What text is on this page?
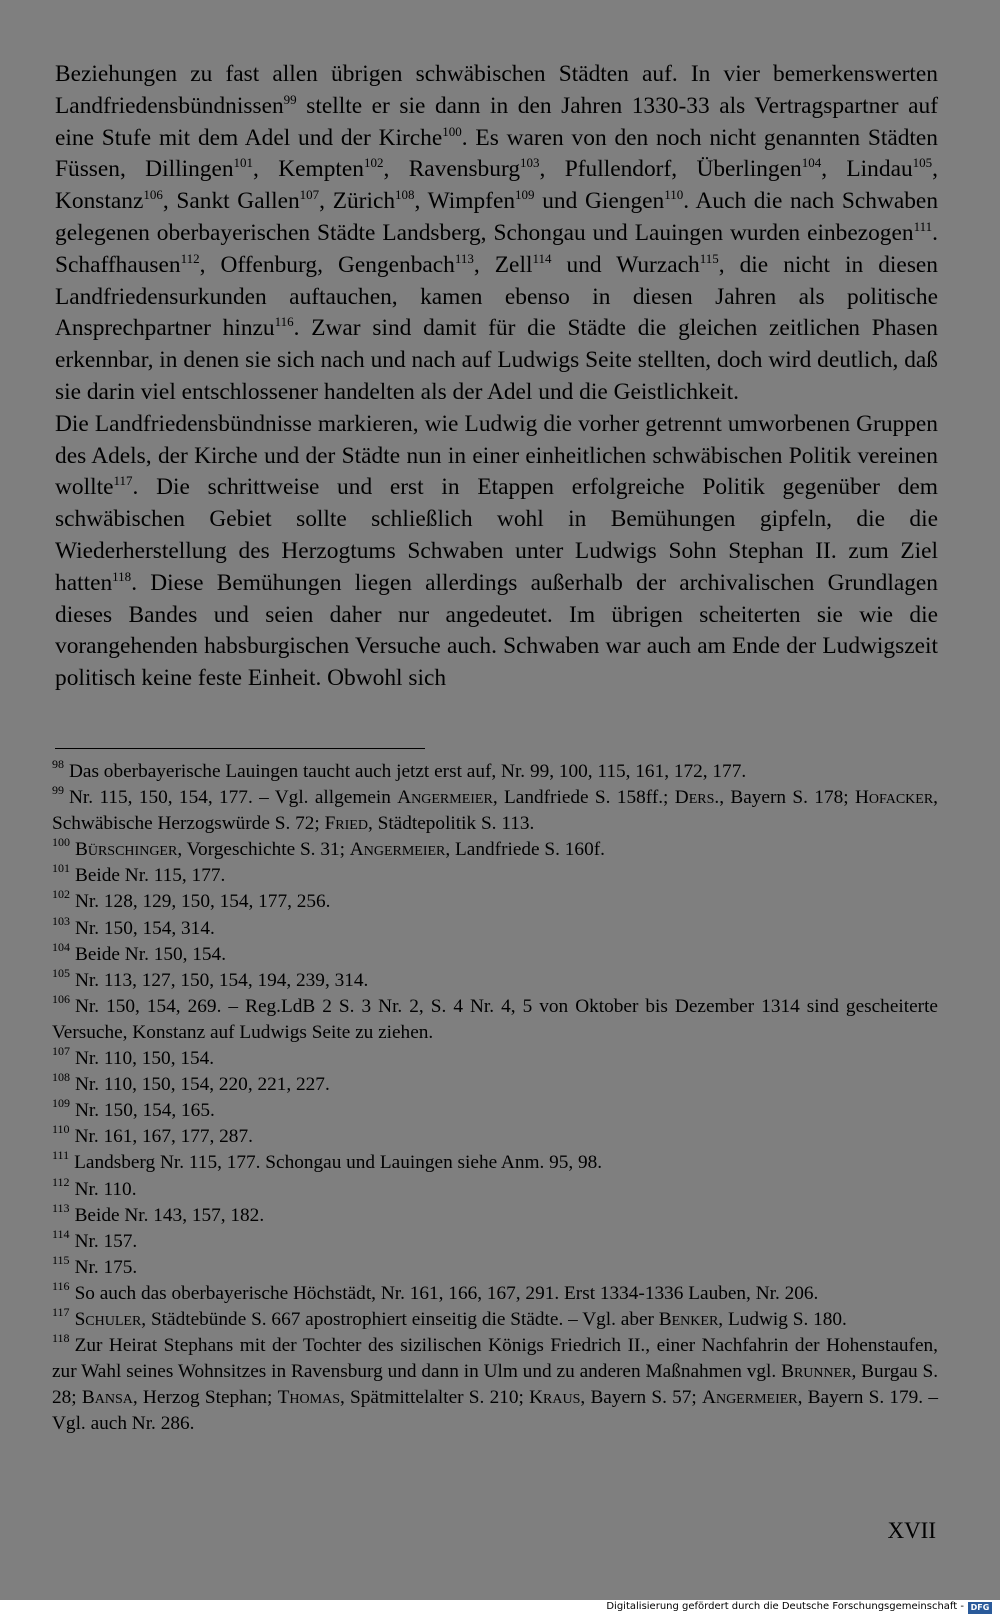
Beziehungen zu fast allen übrigen schwäbischen Städten auf. In vier bemerkenswerten Landfriedensbündnissen$^{99}$ stellte er sie dann in den Jahren 1330-33 als Vertragspartner auf eine Stufe mit dem Adel und der Kirche$^{100}$. Es waren von den noch nicht genannten Städten Füssen, Dillingen$^{101}$, Kempten$^{102}$, Ravensburg$^{103}$, Pfullendorf, Überlingen$^{104}$, Lindau$^{105}$, Konstanz$^{106}$, Sankt Gallen$^{107}$, Zürich$^{108}$, Wimpfen$^{109}$ und Giengen$^{110}$. Auch die nach Schwaben gelegenen oberbayerischen Städte Landsberg, Schongau und Lauingen wurden einbezogen$^{111}$. Schaffhausen$^{112}$, Offenburg, Gengenbach$^{113}$, Zell$^{114}$ und Wurzach$^{115}$, die nicht in diesen Landfriedensurkunden auftauchen, kamen ebenso in diesen Jahren als politische Ansprechpartner hinzu$^{116}$. Zwar sind damit für die Städte die gleichen zeitlichen Phasen erkennbar, in denen sie sich nach und nach auf Ludwigs Seite stellten, doch wird deutlich, daß sie darin viel entschlossener handelten als der Adel und die Geistlichkeit.

Die Landfriedensbündnisse markieren, wie Ludwig die vorher getrennt umworbenen Gruppen des Adels, der Kirche und der Städte nun in einer einheitlichen schwäbischen Politik vereinen wollte$^{117}$. Die schrittweise und erst in Etappen erfolgreiche Politik gegenüber dem schwäbischen Gebiet sollte schließlich wohl in Bemühungen gipfeln, die die Wiederherstellung des Herzogtums Schwaben unter Ludwigs Sohn Stephan II. zum Ziel hatten$^{118}$. Diese Bemühungen liegen allerdings außerhalb der archivalischen Grundlagen dieses Bandes und seien daher nur angedeutet. Im übrigen scheiterten sie wie die vorangehenden habsburgischen Versuche auch. Schwaben war auch am Ende der Ludwigszeit politisch keine feste Einheit. Obwohl sich

$^{98}$ Das oberbayerische Lauingen taucht auch jetzt erst auf, Nr. 99, 100, 115, 161, 172, 177.
$^{99}$ Nr. 115, 150, 154, 177. – Vgl. allgemein Angermeier, Landfriede S. 158ff.; Ders., Bayern S. 178; Hofacker, Schwäbische Herzogswürde S. 72; Fried, Städtepolitik S. 113.
$^{100}$ Bürschinger, Vorgeschichte S. 31; Angermeier, Landfriede S. 160f.
$^{101}$ Beide Nr. 115, 177.
$^{102}$ Nr. 128, 129, 150, 154, 177, 256.
$^{103}$ Nr. 150, 154, 314.
$^{104}$ Beide Nr. 150, 154.
$^{105}$ Nr. 113, 127, 150, 154, 194, 239, 314.
$^{106}$ Nr. 150, 154, 269. – Reg.LdB 2 S. 3 Nr. 2, S. 4 Nr. 4, 5 von Oktober bis Dezember 1314 sind gescheiterte Versuche, Konstanz auf Ludwigs Seite zu ziehen.
$^{107}$ Nr. 110, 150, 154.
$^{108}$ Nr. 110, 150, 154, 220, 221, 227.
$^{109}$ Nr. 150, 154, 165.
$^{110}$ Nr. 161, 167, 177, 287.
$^{111}$ Landsberg Nr. 115, 177. Schongau und Lauingen siehe Anm. 95, 98.
$^{112}$ Nr. 110.
$^{113}$ Beide Nr. 143, 157, 182.
$^{114}$ Nr. 157.
$^{115}$ Nr. 175.
$^{116}$ So auch das oberbayerische Höchstädt, Nr. 161, 166, 167, 291. Erst 1334-1336 Lauben, Nr. 206.
$^{117}$ Schuler, Städtebünde S. 667 apostrophiert einseitig die Städte. – Vgl. aber Benker, Ludwig S. 180.
$^{118}$ Zur Heirat Stephans mit der Tochter des sizilischen Königs Friedrich II., einer Nachfahrin der Hohenstaufen, zur Wahl seines Wohnsitzes in Ravensburg und dann in Ulm und zu anderen Maßnahmen vgl. Brunner, Burgau S. 28; Bansa, Herzog Stephan; Thomas, Spätmittelalter S. 210; Kraus, Bayern S. 57; Angermeier, Bayern S. 179. – Vgl. auch Nr. 286.
XVII
Digitalisierung gefördert durch die Deutsche Forschungsgemeinschaft - DFG
